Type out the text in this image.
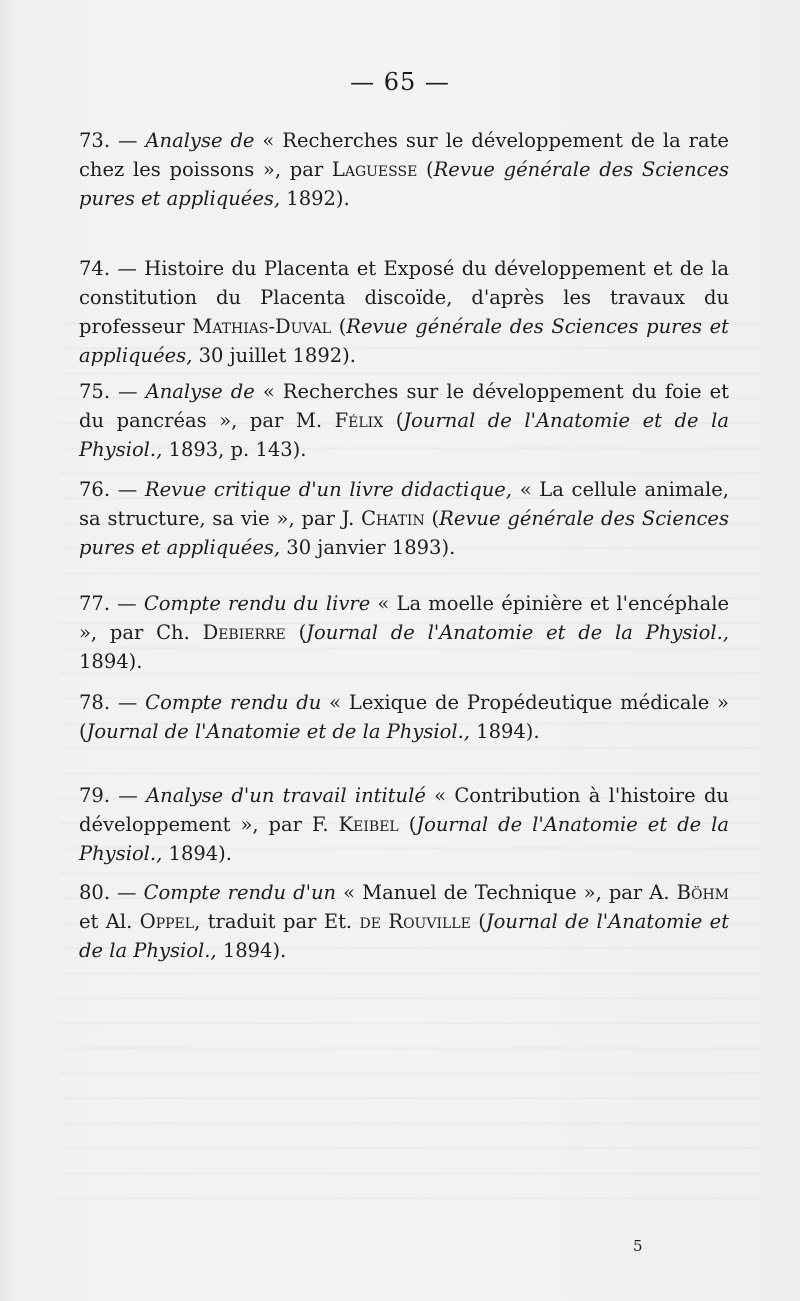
— 65 —

73. — Analyse de « Recherches sur le développement de la rate chez les poissons », par Laguesse (Revue générale des Sciences pures et appliquées, 1892).

74. — Histoire du Placenta et Exposé du développement et de la constitution du Placenta discoïde, d'après les travaux du professeur Mathias-Duval (Revue générale des Sciences pures et appliquées, 30 juillet 1892).

75. — Analyse de « Recherches sur le développement du foie et du pancréas », par M. Félix (Journal de l'Anatomie et de la Physiol., 1893, p. 143).

76. — Revue critique d'un livre didactique, « La cellule animale, sa structure, sa vie », par J. Chatin (Revue générale des Sciences pures et appliquées, 30 janvier 1893).

77. — Compte rendu du livre « La moelle épinière et l'encéphale », par Ch. Debierre (Journal de l'Anatomie et de la Physiol., 1894).

78. — Compte rendu du « Lexique de Propédeutique médicale » (Journal de l'Anatomie et de la Physiol., 1894).

79. — Analyse d'un travail intitulé « Contribution à l'histoire du développement », par F. Keibel (Journal de l'Anatomie et de la Physiol., 1894).

80. — Compte rendu d'un « Manuel de Technique », par A. Böhm et Al. Oppel, traduit par Et. de Rouville (Journal de l'Anatomie et de la Physiol., 1894).

5
